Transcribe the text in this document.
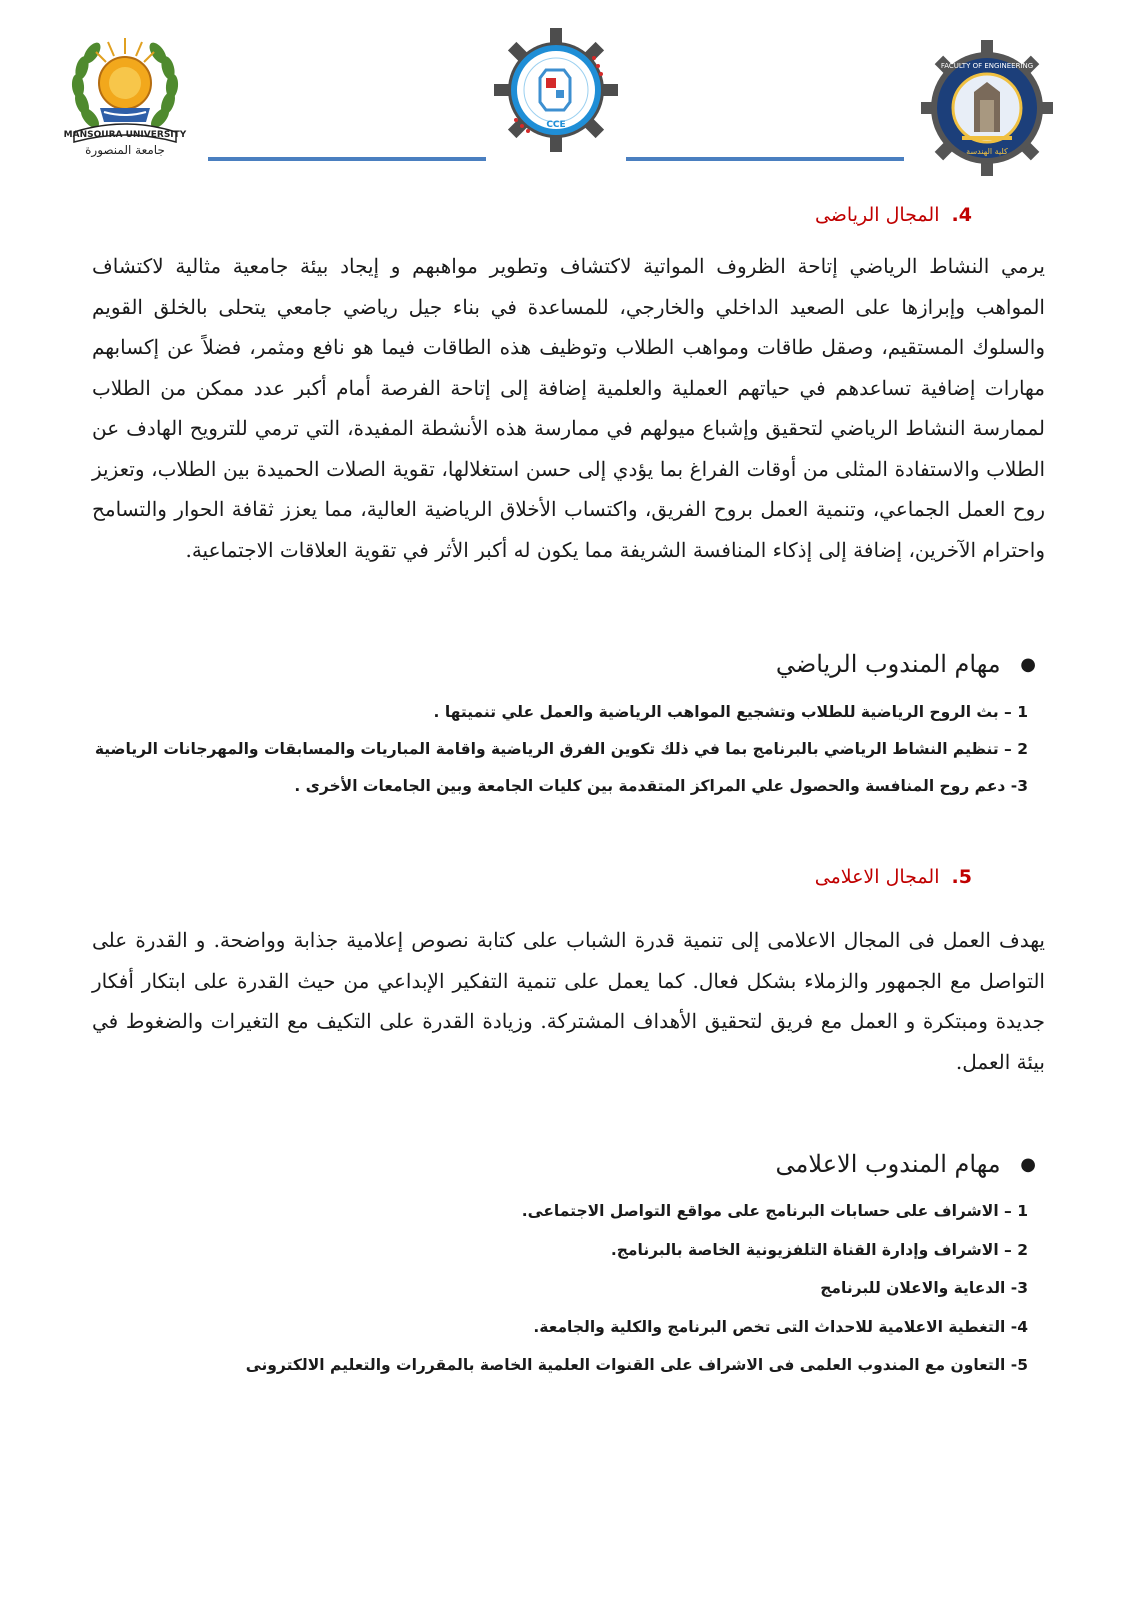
MANSOURA UNIVERSITY
جامعة المنصورة
CCE
FACULTY OF ENGINEERING
كلية الهندسة
4. المجال الرياضى

يرمي النشاط الرياضي إتاحة الظروف المواتية لاكتشاف وتطوير مواهبهم و إيجاد بيئة جامعية مثالية لاكتشاف المواهب وإبرازها على الصعيد الداخلي والخارجي، للمساعدة في بناء جيل رياضي جامعي يتحلى بالخلق القويم والسلوك المستقيم، وصقل طاقات ومواهب الطلاب وتوظيف هذه الطاقات فيما هو نافع ومثمر، فضلاً عن إكسابهم مهارات إضافية تساعدهم في حياتهم العملية والعلمية إضافة إلى إتاحة الفرصة أمام أكبر عدد ممكن من الطلاب لممارسة النشاط الرياضي لتحقيق وإشباع ميولهم في ممارسة هذه الأنشطة المفيدة، التي ترمي للترويح الهادف عن الطلاب والاستفادة المثلى من أوقات الفراغ بما يؤدي إلى حسن استغلالها، تقوية الصلات الحميدة بين الطلاب، وتعزيز روح العمل الجماعي، وتنمية العمل بروح الفريق، واكتساب الأخلاق الرياضية العالية، مما يعزز ثقافة الحوار والتسامح واحترام الآخرين، إضافة إلى إذكاء المنافسة الشريفة مما يكون له أكبر الأثر في تقوية العلاقات الاجتماعية.

● مهام المندوب الرياضي
1 – بث الروح الرياضية للطلاب وتشجيع المواهب الرياضية والعمل علي تنميتها .
2 – تنظيم النشاط الرياضي بالبرنامج بما في ذلك تكوين الفرق الرياضية واقامة المباريات والمسابقات والمهرجانات الرياضية
3- دعم روح المنافسة والحصول علي المراكز المتقدمة بين كليات الجامعة وبين الجامعات الأخرى .
5. المجال الاعلامى

يهدف العمل فى المجال الاعلامى إلى تنمية قدرة الشباب على كتابة نصوص إعلامية جذابة وواضحة. و القدرة على التواصل مع الجمهور والزملاء بشكل فعال. كما يعمل على تنمية التفكير الإبداعي من حيث القدرة على ابتكار أفكار جديدة ومبتكرة و العمل مع فريق لتحقيق الأهداف المشتركة. وزيادة القدرة على التكيف مع التغيرات والضغوط في بيئة العمل.

● مهام المندوب الاعلامى
1 – الاشراف على حسابات البرنامج على مواقع التواصل الاجتماعى.
2 – الاشراف وإدارة القناة التلفزيونية الخاصة بالبرنامج.
3- الدعاية والاعلان للبرنامج
4- التغطية الاعلامية للاحداث التى تخص البرنامج والكلية والجامعة.
5- التعاون مع المندوب العلمى فى الاشراف على القنوات العلمية الخاصة بالمقررات والتعليم الالكترونى
